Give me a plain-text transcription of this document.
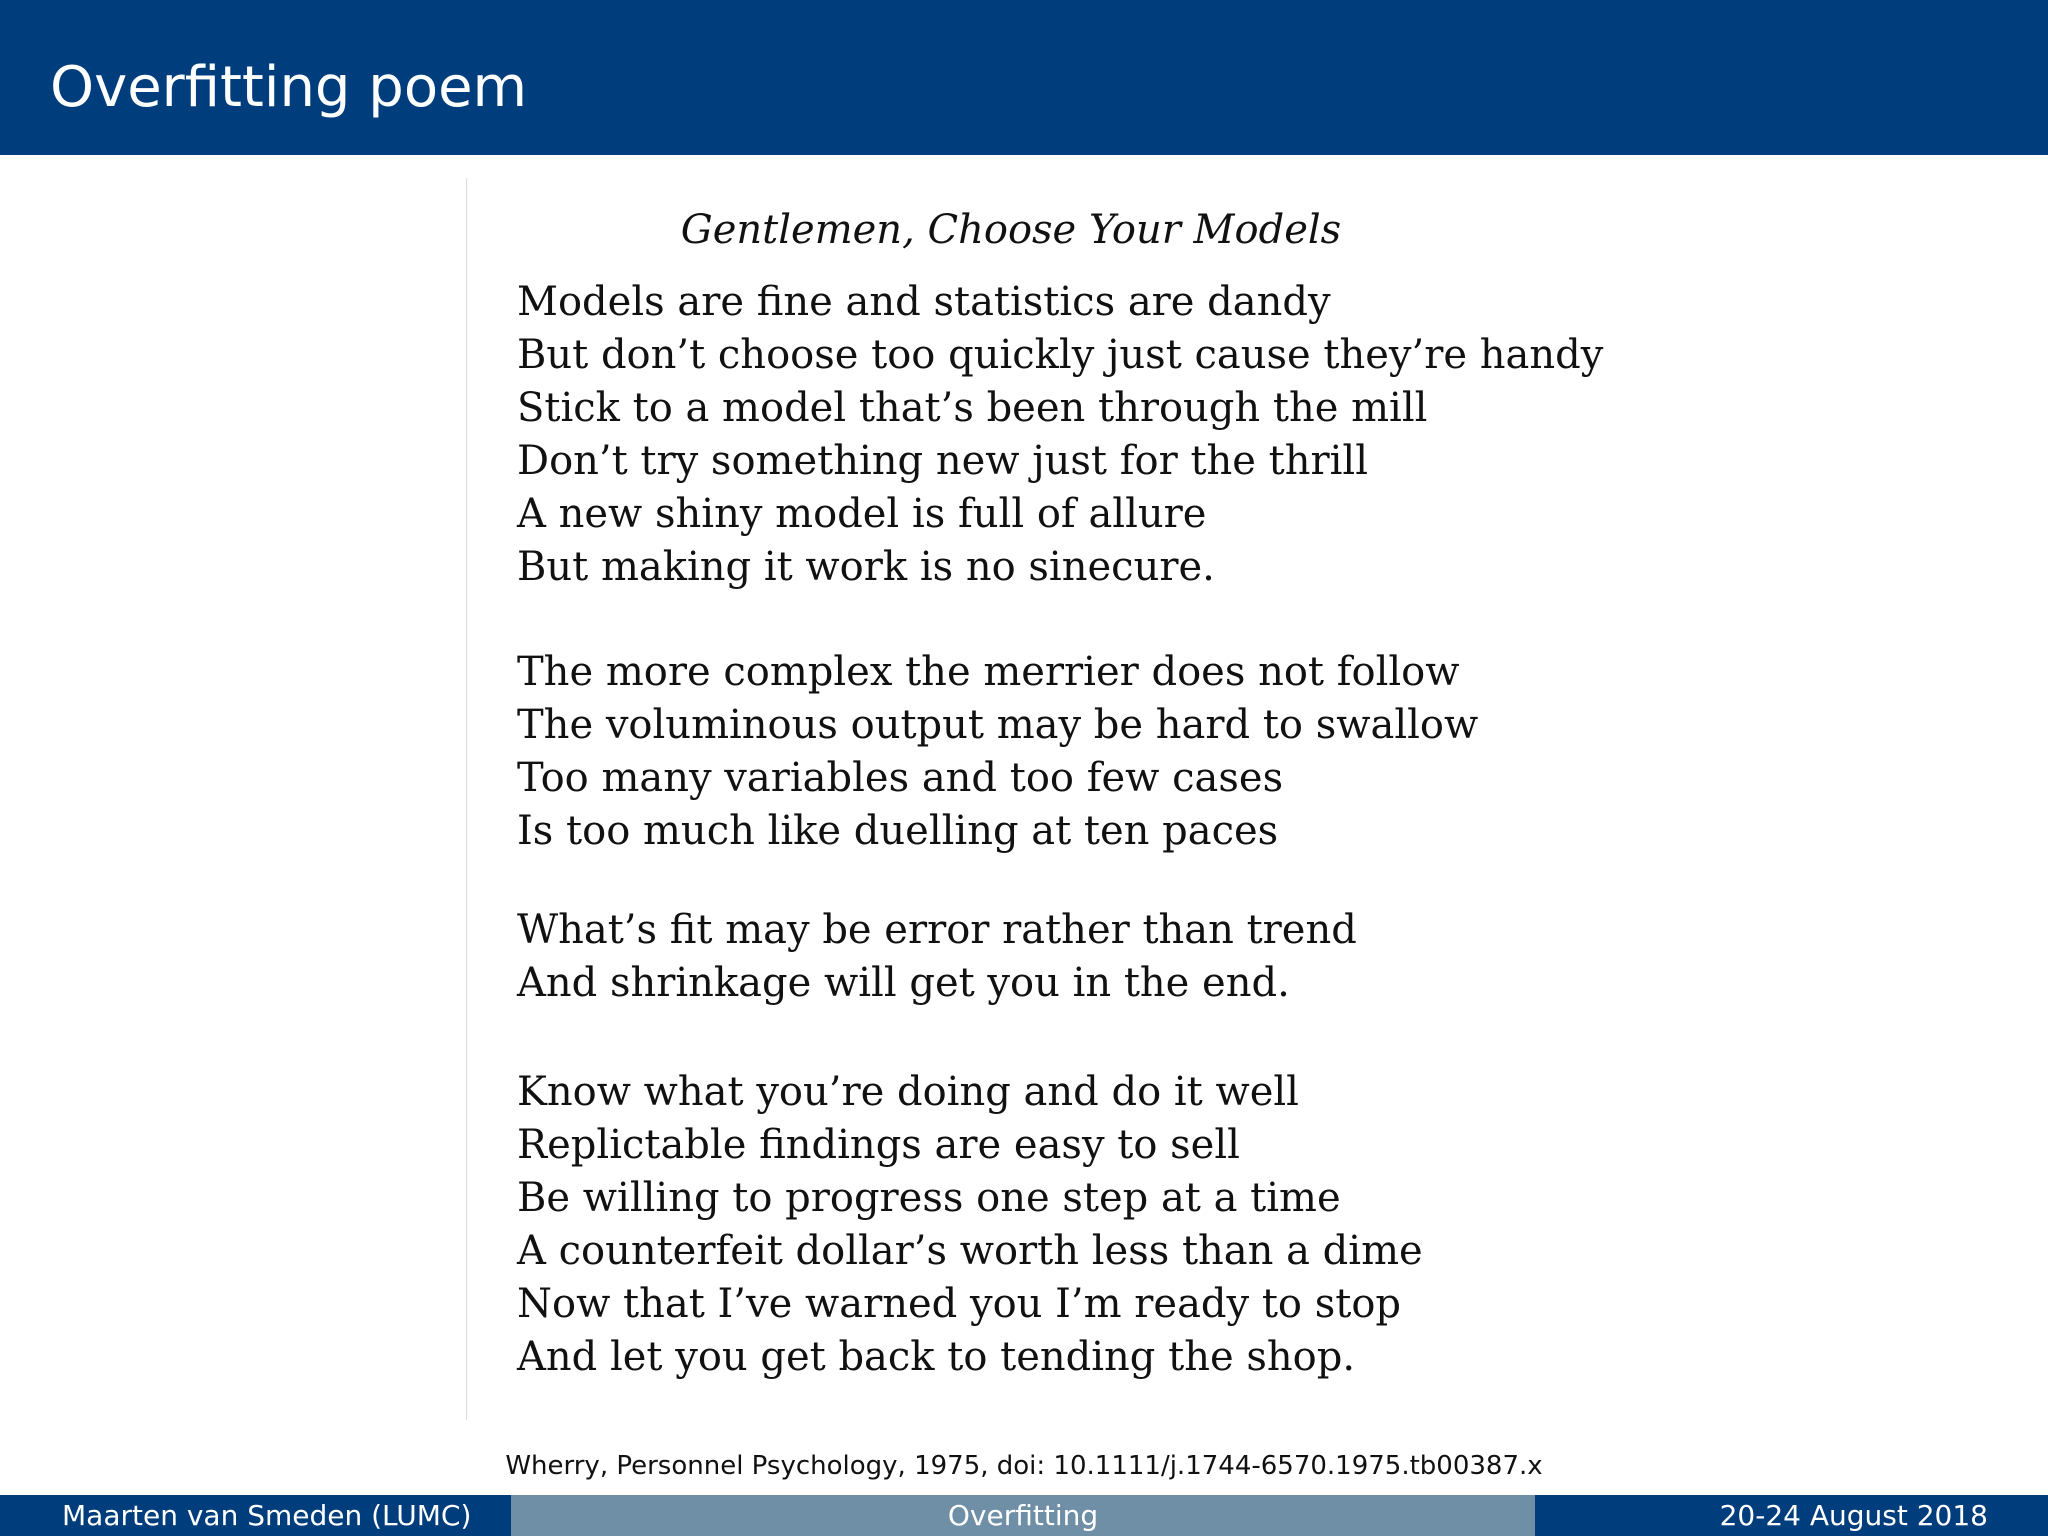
Overfitting poem
Gentlemen, Choose Your Models
Models are fine and statistics are dandy
But don’t choose too quickly just cause they’re handy
Stick to a model that’s been through the mill
Don’t try something new just for the thrill
A new shiny model is full of allure
But making it work is no sinecure.
The more complex the merrier does not follow
The voluminous output may be hard to swallow
Too many variables and too few cases
Is too much like duelling at ten paces
What’s fit may be error rather than trend
And shrinkage will get you in the end.
Know what you’re doing and do it well
Replictable findings are easy to sell
Be willing to progress one step at a time
A counterfeit dollar’s worth less than a dime
Now that I’ve warned you I’m ready to stop
And let you get back to tending the shop.
Wherry, Personnel Psychology, 1975, doi: 10.1111/j.1744-6570.1975.tb00387.x
Maarten van Smeden (LUMC)	Overfitting	20-24 August 2018
